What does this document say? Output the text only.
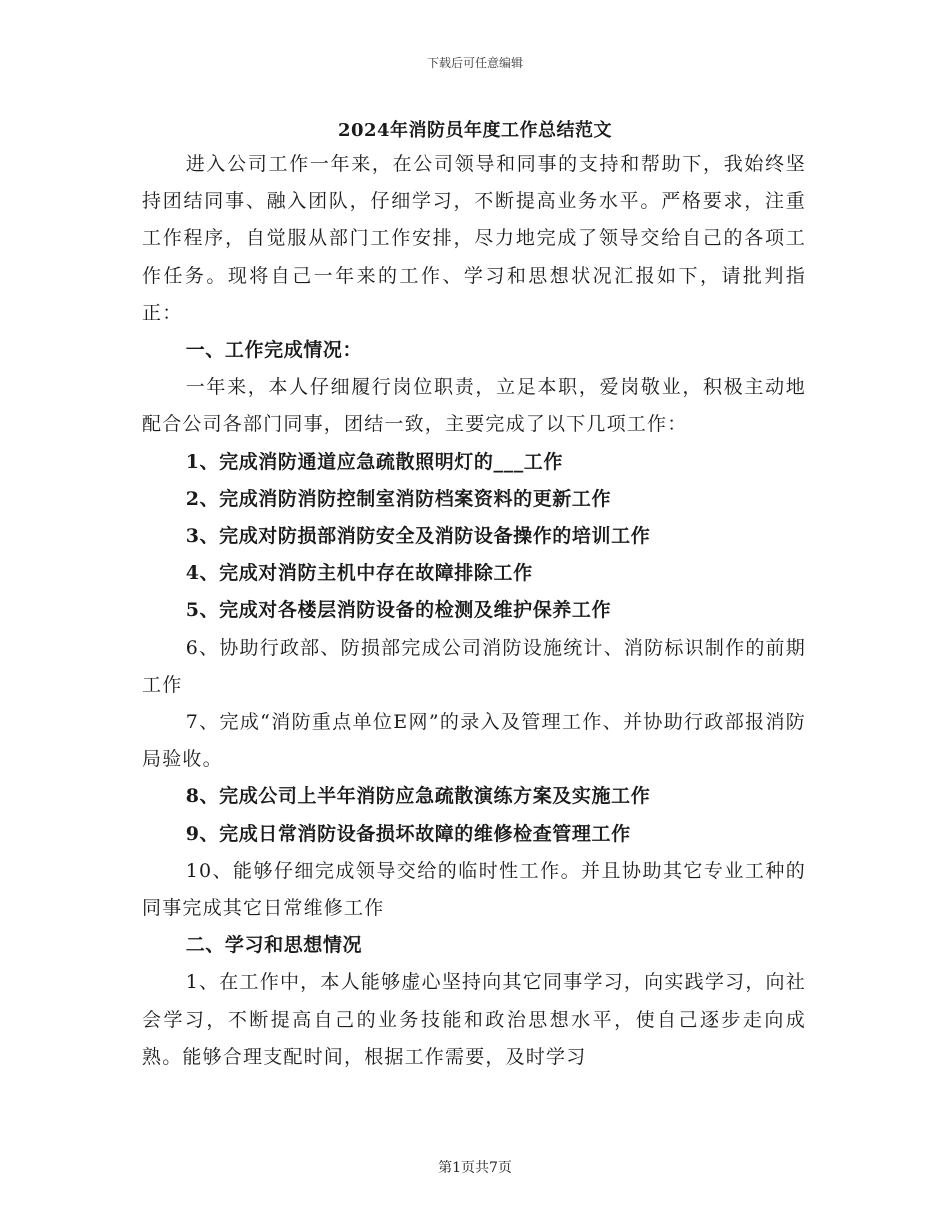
下载后可任意编辑
2024年消防员年度工作总结范文

进入公司工作一年来，在公司领导和同事的支持和帮助下，我始终坚持团结同事、融入团队，仔细学习，不断提高业务水平。严格要求，注重工作程序，自觉服从部门工作安排，尽力地完成了领导交给自己的各项工作任务。现将自己一年来的工作、学习和思想状况汇报如下，请批判指正：

一、工作完成情况：

一年来，本人仔细履行岗位职责，立足本职，爱岗敬业，积极主动地配合公司各部门同事，团结一致，主要完成了以下几项工作：

1、完成消防通道应急疏散照明灯的___工作

2、完成消防消防控制室消防档案资料的更新工作

3、完成对防损部消防安全及消防设备操作的培训工作

4、完成对消防主机中存在故障排除工作

5、完成对各楼层消防设备的检测及维护保养工作

6、协助行政部、防损部完成公司消防设施统计、消防标识制作的前期工作

7、完成“消防重点单位E网”的录入及管理工作、并协助行政部报消防局验收。

8、完成公司上半年消防应急疏散演练方案及实施工作

9、完成日常消防设备损坏故障的维修检查管理工作

10、能够仔细完成领导交给的临时性工作。并且协助其它专业工种的同事完成其它日常维修工作

二、学习和思想情况

1、在工作中，本人能够虚心坚持向其它同事学习，向实践学习，向社会学习，不断提高自己的业务技能和政治思想水平，使自己逐步走向成熟。能够合理支配时间，根据工作需要，及时学习

第1页共7页
